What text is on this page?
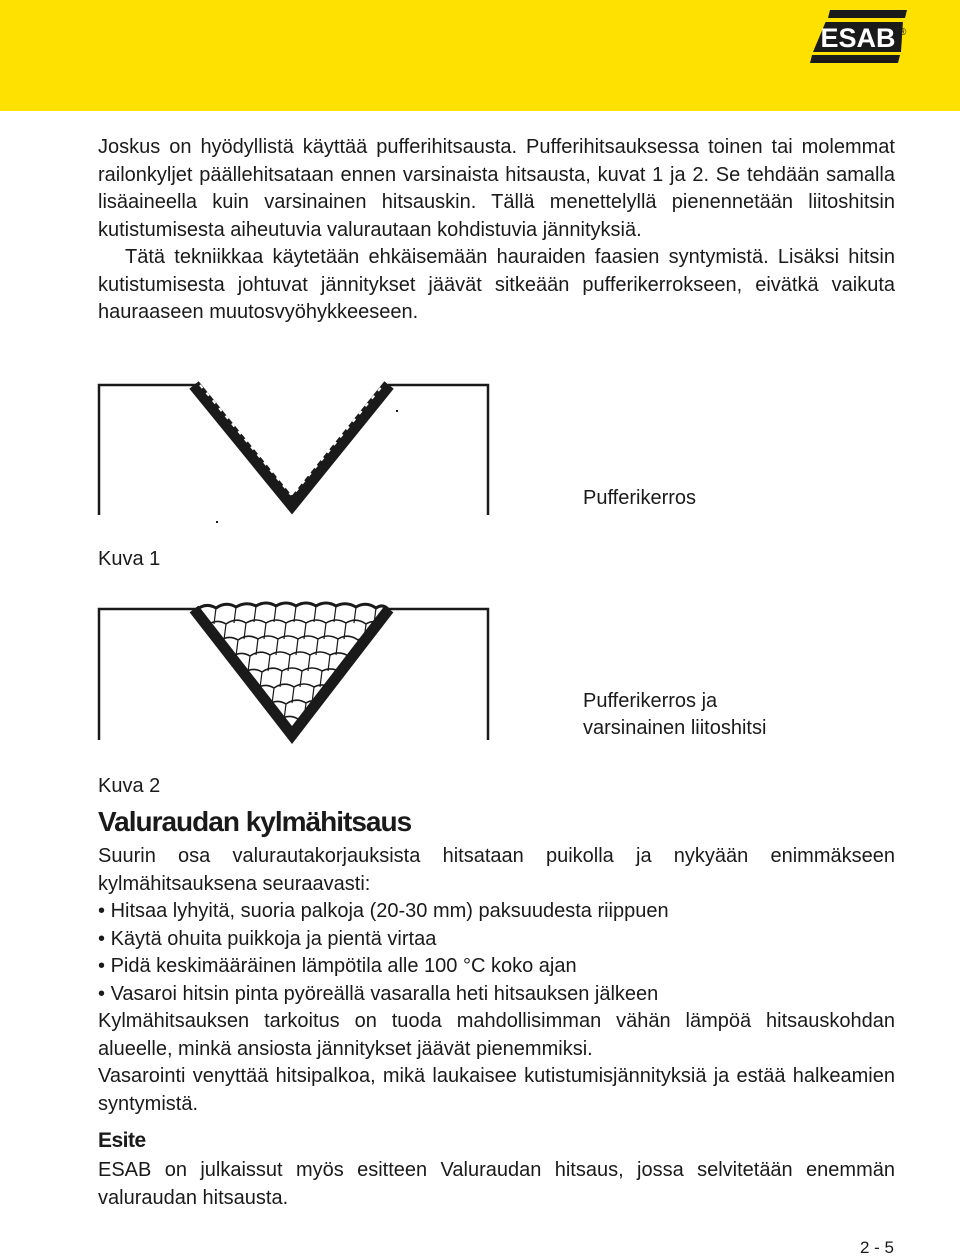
ESAB ®

Joskus on hyödyllistä käyttää pufferihitsausta. Pufferihitsauksessa toinen tai molemmat railonkyljet päällehitsataan ennen varsinaista hitsausta, kuvat 1 ja 2. Se tehdään samalla lisäaineella kuin varsinainen hitsauskin. Tällä menettelyllä pienennetään liitoshitsin kutistumisesta aiheutuvia valurautaan kohdistuvia jännityksiä.

Tätä tekniikkaa käytetään ehkäisemään hauraiden faasien syntymistä. Lisäksi hitsin kutistumisesta johtuvat jännitykset jäävät sitkeään pufferikerrokseen, eivätkä vaikuta hauraaseen muutosvyöhykkeeseen.

Pufferikerros
Kuva 1
Pufferikerros ja
varsinainen liitoshitsi
Kuva 2
Valuraudan kylmähitsaus

Suurin osa valurautakorjauksista hitsataan puikolla ja nykyään enimmäkseen kylmähitsauksena seuraavasti:

• Hitsaa lyhyitä, suoria palkoja (20-30 mm) paksuudesta riippuen
• Käytä ohuita puikkoja ja pientä virtaa
• Pidä keskimääräinen lämpötila alle 100 °C koko ajan
• Vasaroi hitsin pinta pyöreällä vasaralla heti hitsauksen jälkeen

Kylmähitsauksen tarkoitus on tuoda mahdollisimman vähän lämpöä hitsauskohdan alueelle, minkä ansiosta jännitykset jäävät pienemmiksi.

Vasarointi venyttää hitsipalkoa, mikä laukaisee kutistumisjännityksiä ja estää halkeamien syntymistä.

Esite
ESAB on julkaissut myös esitteen Valuraudan hitsaus, jossa selvitetään enemmän valuraudan hitsausta.
2 - 5
